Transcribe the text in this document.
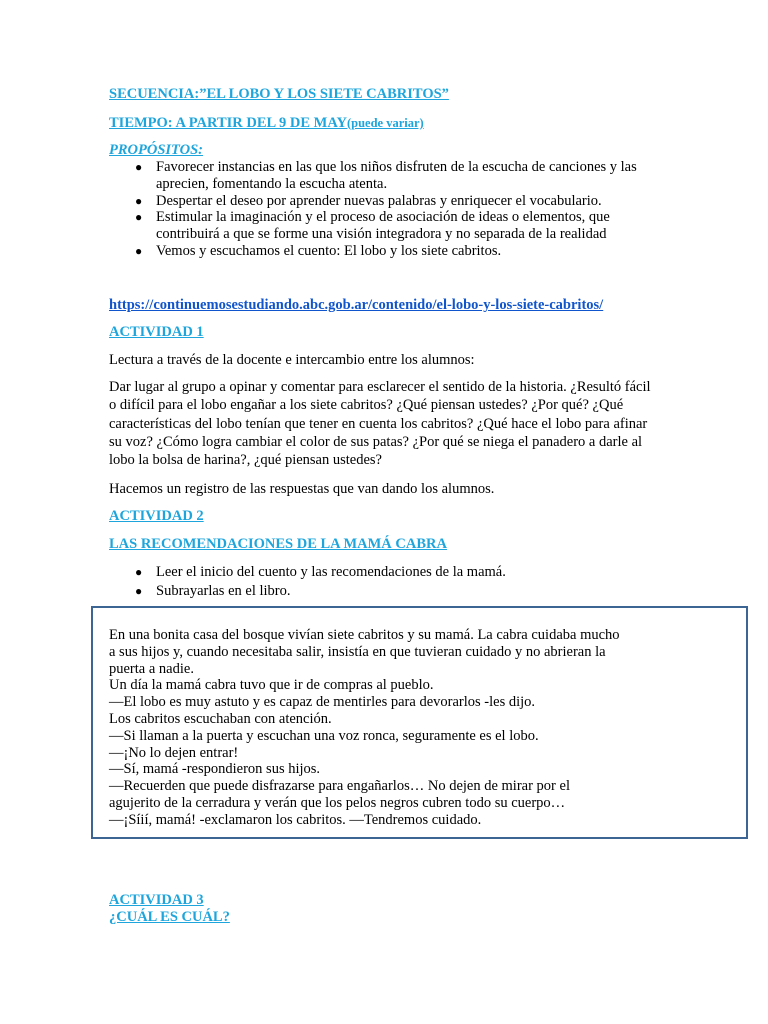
SECUENCIA:”EL LOBO Y LOS SIETE CABRITOS”
TIEMPO: A PARTIR DEL 9 DE MAY(puede variar)
PROPÓSITOS:
● Favorecer instancias en las que los niños disfruten de la escucha de canciones y las aprecien, fomentando la escucha atenta.
● Despertar el deseo por aprender nuevas palabras y enriquecer el vocabulario.
● Estimular la imaginación y el proceso de asociación de ideas o elementos, que contribuirá a que se forme una visión integradora y no separada de la realidad
● Vemos y escuchamos el cuento: El lobo y los siete cabritos.
https://continuemosestudiando.abc.gob.ar/contenido/el-lobo-y-los-siete-cabritos/
ACTIVIDAD 1
Lectura a través de la docente e intercambio entre los alumnos:
Dar lugar al grupo a opinar y comentar para esclarecer el sentido de la historia. ¿Resultó fácil o difícil para el lobo engañar a los siete cabritos? ¿Qué piensan ustedes? ¿Por qué? ¿Qué características del lobo tenían que tener en cuenta los cabritos? ¿Qué hace el lobo para afinar su voz? ¿Cómo logra cambiar el color de sus patas? ¿Por qué se niega el panadero a darle al lobo la bolsa de harina?, ¿qué piensan ustedes?
Hacemos un registro de las respuestas que van dando los alumnos.
ACTIVIDAD 2
LAS RECOMENDACIONES DE LA MAMÁ CABRA
● Leer el inicio del cuento y las recomendaciones de la mamá.
● Subrayarlas en el libro.
En una bonita casa del bosque vivían siete cabritos y su mamá. La cabra cuidaba mucho
a sus hijos y, cuando necesitaba salir, insistía en que tuvieran cuidado y no abrieran la
puerta a nadie.
Un día la mamá cabra tuvo que ir de compras al pueblo.
—El lobo es muy astuto y es capaz de mentirles para devorarlos -les dijo.
Los cabritos escuchaban con atención.
—Si llaman a la puerta y escuchan una voz ronca, seguramente es el lobo.
—¡No lo dejen entrar!
—Sí, mamá -respondieron sus hijos.
—Recuerden que puede disfrazarse para engañarlos… No dejen de mirar por el
agujerito de la cerradura y verán que los pelos negros cubren todo su cuerpo…
—¡Síií, mamá! -exclamaron los cabritos. —Tendremos cuidado.
ACTIVIDAD 3
¿CUÁL ES CUÁL?
